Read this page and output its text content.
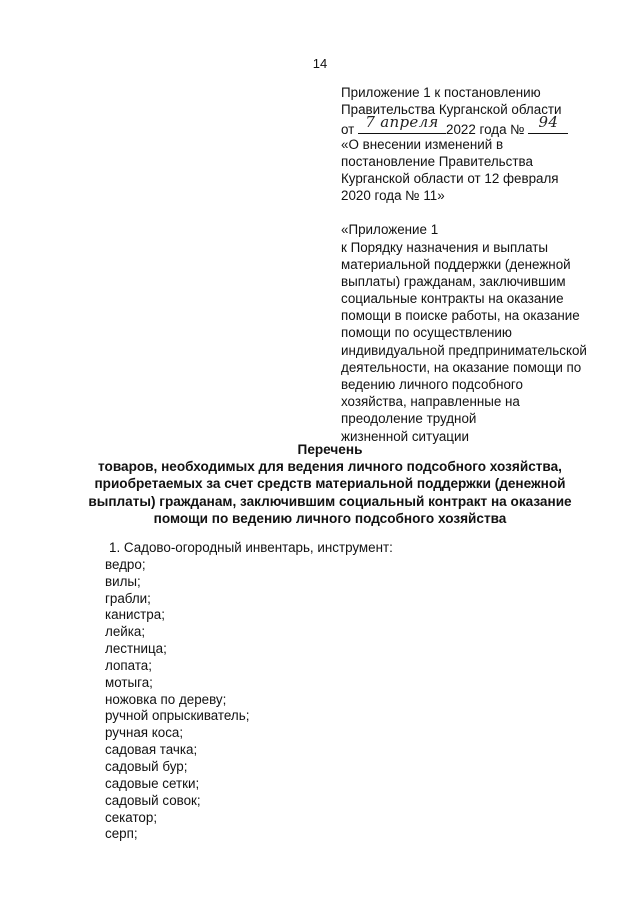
14
Приложение 1 к постановлению
Правительства Курганской области
от 7 апреля 2022 года № 94
«О внесении изменений в
постановление Правительства
Курганской области от 12 февраля
2020 года № 11»
«Приложение 1
к Порядку назначения и выплаты
материальной поддержки (денежной
выплаты) гражданам, заключившим
социальные контракты на оказание
помощи в поиске работы, на оказание
помощи по осуществлению
индивидуальной предпринимательской
деятельности, на оказание помощи по
ведению личного подсобного
хозяйства, направленные на
преодоление трудной
жизненной ситуации
Перечень
товаров, необходимых для ведения личного подсобного хозяйства,
приобретаемых за счет средств материальной поддержки (денежной
выплаты) гражданам, заключившим социальный контракт на оказание
помощи по ведению личного подсобного хозяйства
1. Садово-огородный инвентарь, инструмент:
ведро;
вилы;
грабли;
канистра;
лейка;
лестница;
лопата;
мотыга;
ножовка по дереву;
ручной опрыскиватель;
ручная коса;
садовая тачка;
садовый бур;
садовые сетки;
садовый совок;
секатор;
серп;
